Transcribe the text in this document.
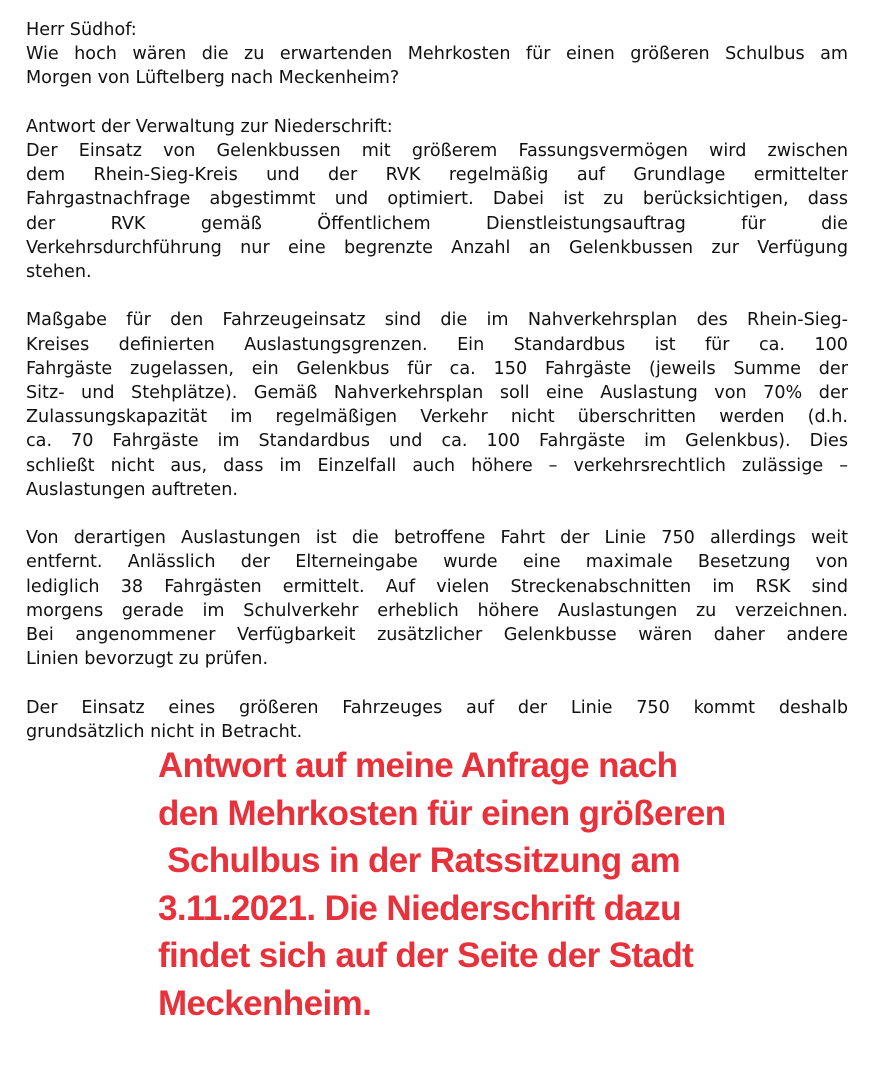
Herr Südhof:
Wie hoch wären die zu erwartenden Mehrkosten für einen größeren Schulbus am
Morgen von Lüftelberg nach Meckenheim?
Antwort der Verwaltung zur Niederschrift:
Der Einsatz von Gelenkbussen mit größerem Fassungsvermögen wird zwischen
dem Rhein-Sieg-Kreis und der RVK regelmäßig auf Grundlage ermittelter
Fahrgastnachfrage abgestimmt und optimiert. Dabei ist zu berücksichtigen, dass
der RVK gemäß Öffentlichem Dienstleistungsauftrag für die
Verkehrsdurchführung nur eine begrenzte Anzahl an Gelenkbussen zur Verfügung
stehen.
Maßgabe für den Fahrzeugeinsatz sind die im Nahverkehrsplan des Rhein-Sieg-
Kreises definierten Auslastungsgrenzen. Ein Standardbus ist für ca. 100
Fahrgäste zugelassen, ein Gelenkbus für ca. 150 Fahrgäste (jeweils Summe der
Sitz- und Stehplätze). Gemäß Nahverkehrsplan soll eine Auslastung von 70% der
Zulassungskapazität im regelmäßigen Verkehr nicht überschritten werden (d.h.
ca. 70 Fahrgäste im Standardbus und ca. 100 Fahrgäste im Gelenkbus). Dies
schließt nicht aus, dass im Einzelfall auch höhere – verkehrsrechtlich zulässige –
Auslastungen auftreten.
Von derartigen Auslastungen ist die betroffene Fahrt der Linie 750 allerdings weit
entfernt. Anlässlich der Elterneingabe wurde eine maximale Besetzung von
lediglich 38 Fahrgästen ermittelt. Auf vielen Streckenabschnitten im RSK sind
morgens gerade im Schulverkehr erheblich höhere Auslastungen zu verzeichnen.
Bei angenommener Verfügbarkeit zusätzlicher Gelenkbusse wären daher andere
Linien bevorzugt zu prüfen.
Der Einsatz eines größeren Fahrzeuges auf der Linie 750 kommt deshalb
grundsätzlich nicht in Betracht.
Antwort auf meine Anfrage nach
den Mehrkosten für einen größeren
Schulbus in der Ratssitzung am
3.11.2021. Die Niederschrift dazu
findet sich auf der Seite der Stadt
Meckenheim.
